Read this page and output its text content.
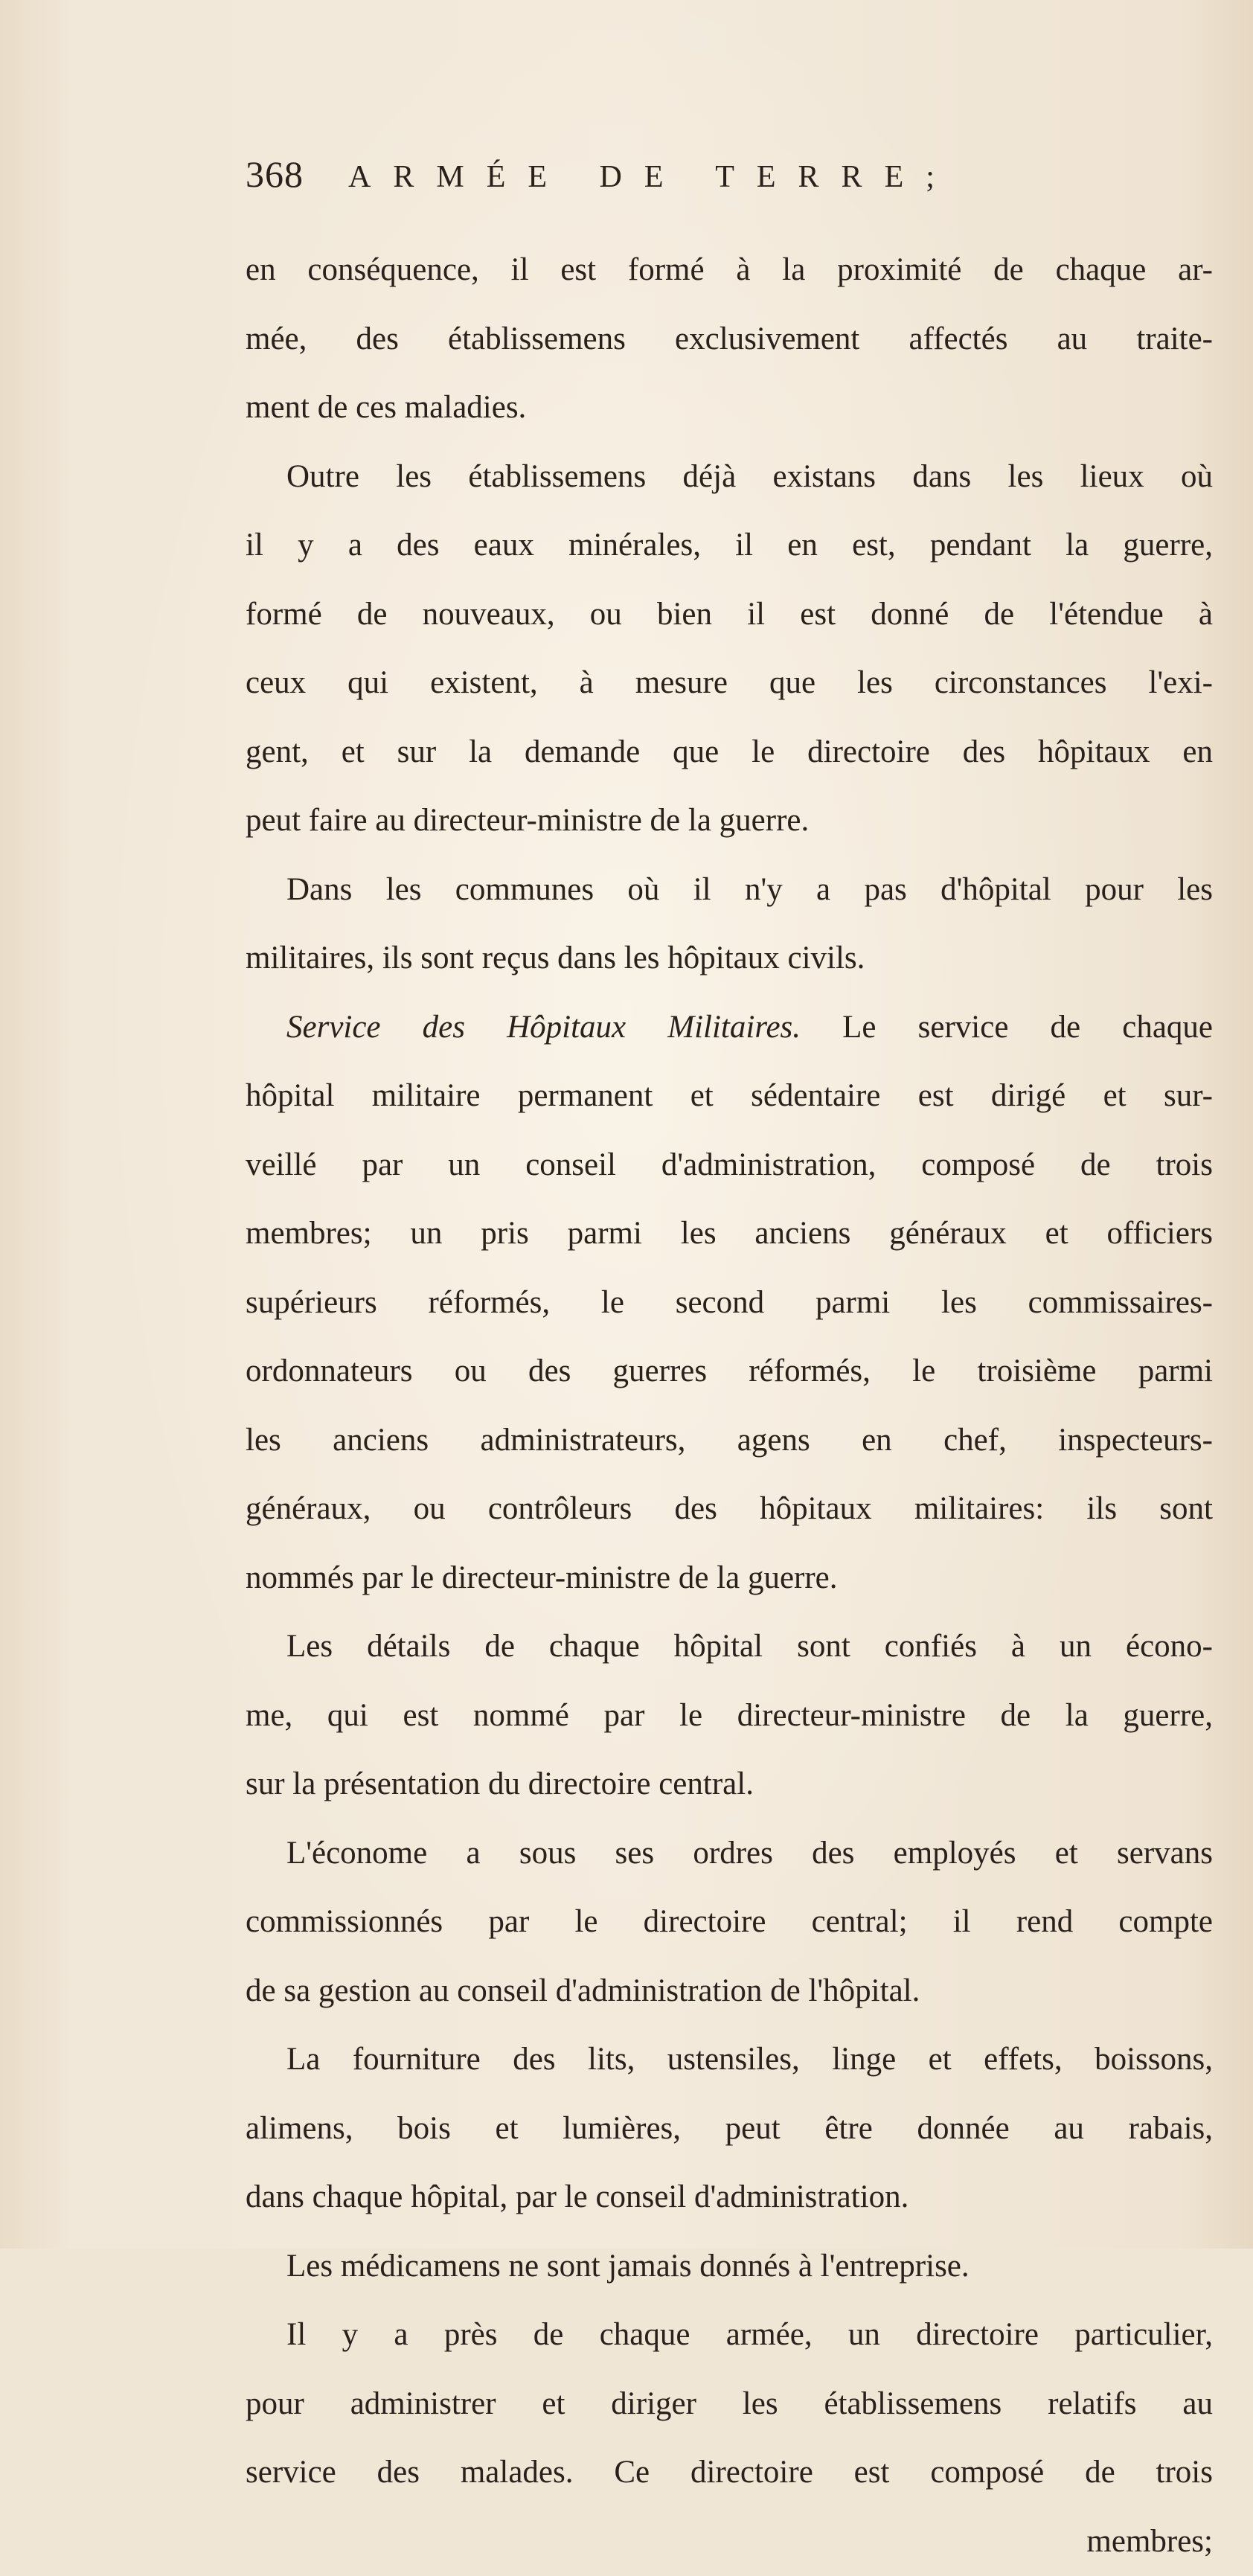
368 ARMÉE DE TERRE;
en conséquence, il est formé à la proximité de chaque ar-
mée, des établissemens exclusivement affectés au traite-
ment de ces maladies.
Outre les établissemens déjà existans dans les lieux où
il y a des eaux minérales, il en est, pendant la guerre,
formé de nouveaux, ou bien il est donné de l'étendue à
ceux qui existent, à mesure que les circonstances l'exi-
gent, et sur la demande que le directoire des hôpitaux en
peut faire au directeur-ministre de la guerre.
Dans les communes où il n'y a pas d'hôpital pour les
militaires, ils sont reçus dans les hôpitaux civils.
Service des Hôpitaux Militaires. Le service de chaque
hôpital militaire permanent et sédentaire est dirigé et sur-
veillé par un conseil d'administration, composé de trois
membres; un pris parmi les anciens généraux et officiers
supérieurs réformés, le second parmi les commissaires-
ordonnateurs ou des guerres réformés, le troisième parmi
les anciens administrateurs, agens en chef, inspecteurs-
généraux, ou contrôleurs des hôpitaux militaires: ils sont
nommés par le directeur-ministre de la guerre.
Les détails de chaque hôpital sont confiés à un écono-
me, qui est nommé par le directeur-ministre de la guerre,
sur la présentation du directoire central.
L'économe a sous ses ordres des employés et servans
commissionnés par le directoire central; il rend compte
de sa gestion au conseil d'administration de l'hôpital.
La fourniture des lits, ustensiles, linge et effets, boissons,
alimens, bois et lumières, peut être donnée au rabais,
dans chaque hôpital, par le conseil d'administration.
Les médicamens ne sont jamais donnés à l'entreprise.
Il y a près de chaque armée, un directoire particulier,
pour administrer et diriger les établissemens relatifs au
service des malades. Ce directoire est composé de trois
membres;
